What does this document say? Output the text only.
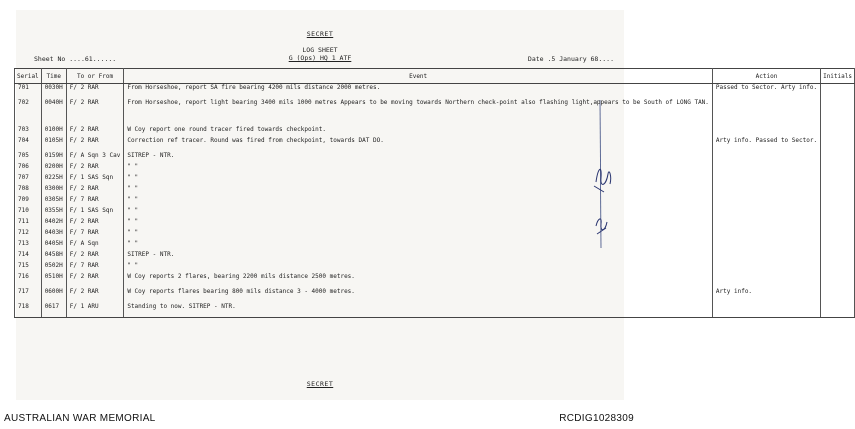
SECRET
LOG SHEET
G (Ops) HQ 1 ATF
Sheet No ....61......	Date .5 January 68....
SECRET
Serial	Time	To or From	Event	Action	Initials
701	0030H	F/ 2 RAR	From Horseshoe, report SA fire bearing 4200 mils distance 2000 metres.	Passed to Sector. Arty info.	
702	0040H	F/ 2 RAR	From Horseshoe, report light bearing 3400 mils 1000 metres Appears to be moving towards Northern check-point also flashing light,appears to be South of LONG TAN.		
703	0100H	F/ 2 RAR	W Coy report one round tracer fired towards checkpoint.		
704	0105H	F/ 2 RAR	Correction ref tracer. Round was fired from checkpoint, towards DAT DO.	Arty info. Passed to Sector.	
705	0159H	F/ A Sqn 3 Cav	SITREP - NTR.		
706	0200H	F/ 2 RAR	" "		
707	0225H	F/ 1 SAS Sqn	" "		
708	0300H	F/ 2 RAR	" "		
709	0305H	F/ 7 RAR	" "		
710	0355H	F/ 1 SAS Sqn	" "		
711	0402H	F/ 2 RAR	" "		
712	0403H	F/ 7 RAR	" "		
713	0405H	F/ A Sqn	" "		
714	0458H	F/ 2 RAR	SITREP - NTR.		
715	0502H	F/ 7 RAR	" "		
716	0510H	F/ 2 RAR	W Coy reports 2 flares, bearing 2200 mils distance 2500 metres.		
717	0600H	F/ 2 RAR	W Coy reports flares bearing 800 mils distance 3 - 4000 metres.	Arty info.	
718	0617	F/ 1 ARU	Standing to now. SITREP - NTR.		
AUSTRALIAN WAR MEMORIAL	RCDIG1028309
